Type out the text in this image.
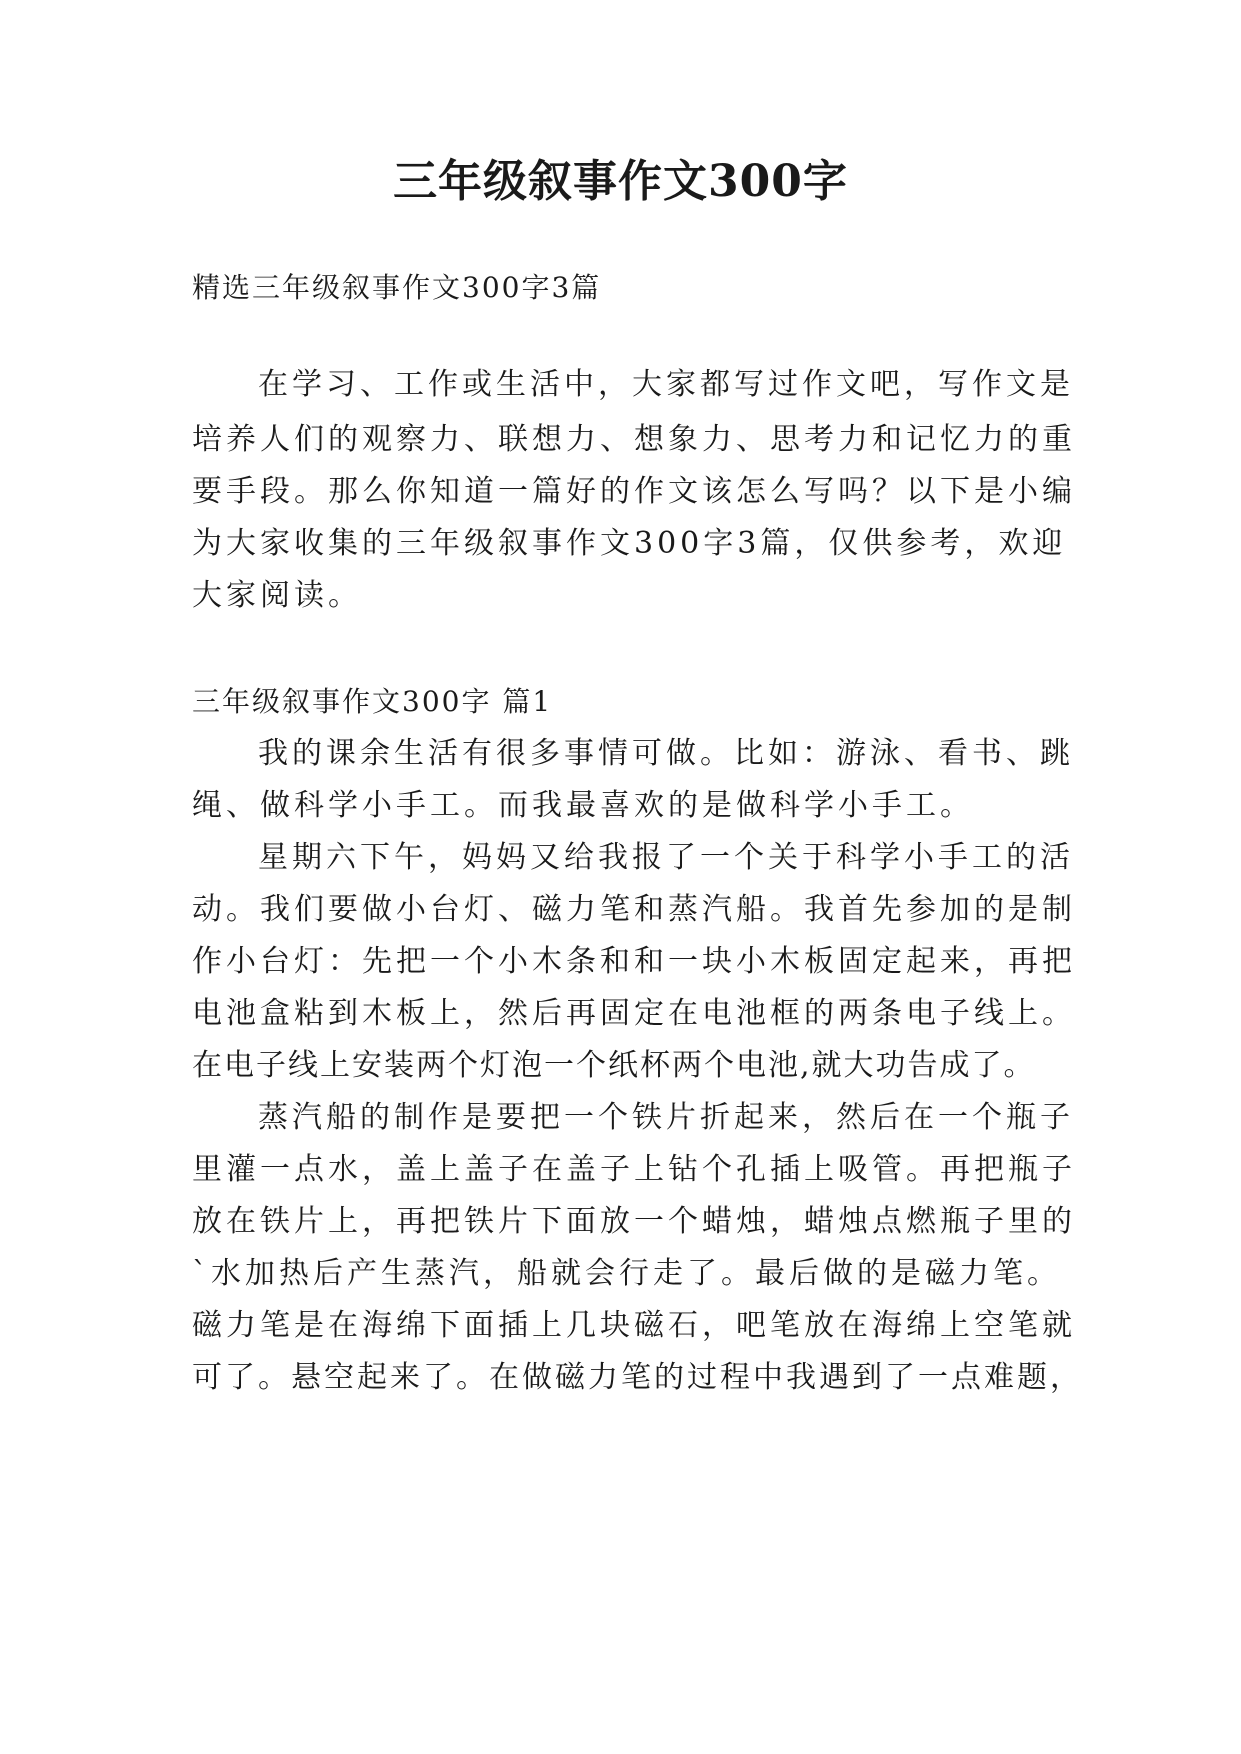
三年级叙事作文300字
精选三年级叙事作文300字3篇
在学习、工作或生活中，大家都写过作文吧，写作文是
培养人们的观察力、联想力、想象力、思考力和记忆力的重
要手段。那么你知道一篇好的作文该怎么写吗？以下是小编
为大家收集的三年级叙事作文300字3篇，仅供参考，欢迎
大家阅读。
三年级叙事作文300字 篇1
我的课余生活有很多事情可做。比如：游泳、看书、跳
绳、做科学小手工。而我最喜欢的是做科学小手工。
星期六下午，妈妈又给我报了一个关于科学小手工的活
动。我们要做小台灯、磁力笔和蒸汽船。我首先参加的是制
作小台灯：先把一个小木条和和一块小木板固定起来，再把
电池盒粘到木板上，然后再固定在电池框的两条电子线上。
在电子线上安装两个灯泡一个纸杯两个电池,就大功告成了。
蒸汽船的制作是要把一个铁片折起来，然后在一个瓶子
里灌一点水，盖上盖子在盖子上钻个孔插上吸管。再把瓶子
放在铁片上，再把铁片下面放一个蜡烛，蜡烛点燃瓶子里的
`水加热后产生蒸汽，船就会行走了。最后做的是磁力笔。
磁力笔是在海绵下面插上几块磁石，吧笔放在海绵上空笔就
可了。悬空起来了。在做磁力笔的过程中我遇到了一点难题，
